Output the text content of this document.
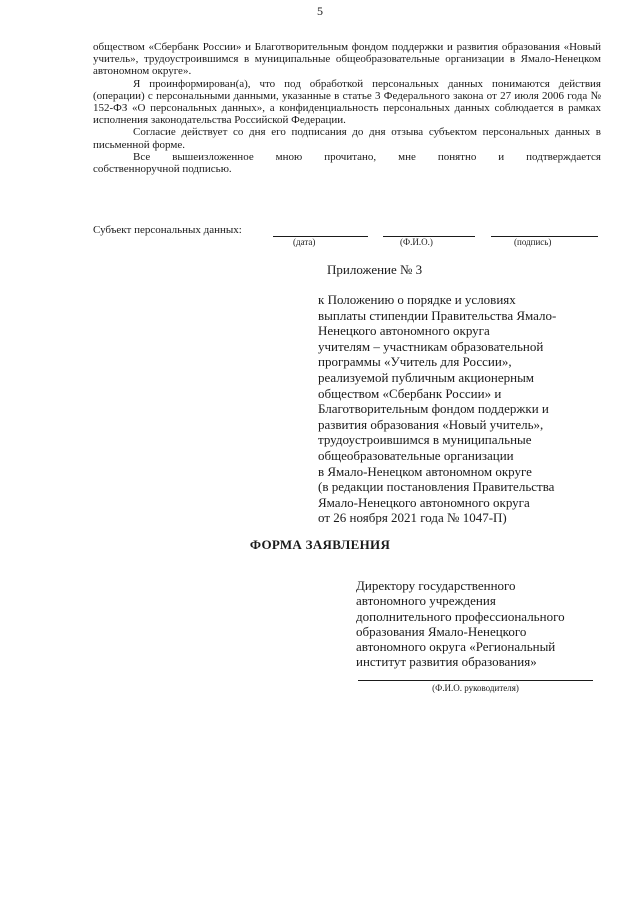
5

обществом «Сбербанк России» и Благотворительным фондом поддержки и развития образования «Новый учитель», трудоустроившимся в муниципальные общеобразовательные организации в Ямало-Ненецком автономном округе».

Я проинформирован(а), что под обработкой персональных данных понимаются действия (операции) с персональными данными, указанные в статье 3 Федерального закона от 27 июля 2006 года № 152-ФЗ «О персональных данных», а конфиденциальность персональных данных соблюдается в рамках исполнения законодательства Российской Федерации.

Согласие действует со дня его подписания до дня отзыва субъектом персональных данных в письменной форме.

Все вышеизложенное мною прочитано, мне понятно и подтверждается

собственноручной подписью.

Субъект персональных данных:
(дата)	(Ф.И.О.)	(подпись)
Приложение № 3
к Положению о порядке и условиях
выплаты стипендии Правительства Ямало-
Ненецкого автономного округа
учителям – участникам образовательной
программы «Учитель для России»,
реализуемой публичным акционерным
обществом «Сбербанк России» и
Благотворительным фондом поддержки и
развития образования «Новый учитель»,
трудоустроившимся в муниципальные
общеобразовательные организации
в Ямало-Ненецком автономном округе
(в редакции постановления Правительства
Ямало-Ненецкого автономного округа
от 26 ноября 2021 года № 1047-П)
ФОРМА ЗАЯВЛЕНИЯ
Директору государственного
автономного учреждения
дополнительного профессионального
образования Ямало-Ненецкого
автономного округа «Региональный
институт развития образования»
(Ф.И.О. руководителя)
